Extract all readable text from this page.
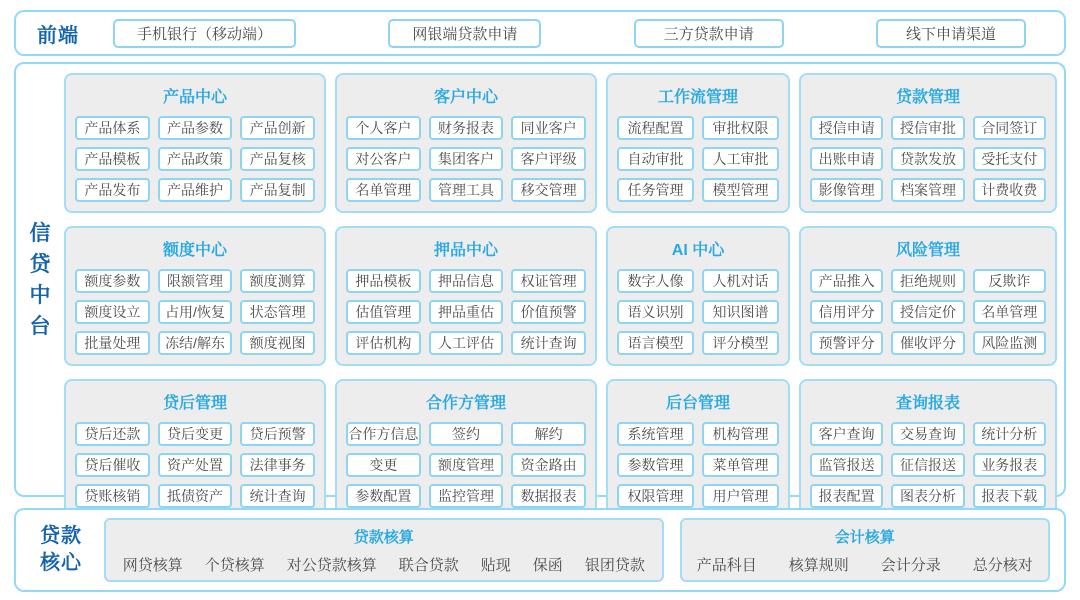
前端	手机银行（移动端）	网银端贷款申请	三方贷款申请	线下申请渠道
信
贷
中
台
产品中心
产品体系	产品参数	产品创新
产品模板	产品政策	产品复核
产品发布	产品维护	产品复制
客户中心
个人客户	财务报表	同业客户
对公客户	集团客户	客户评级
名单管理	管理工具	移交管理
工作流管理
流程配置	审批权限
自动审批	人工审批
任务管理	模型管理
贷款管理
授信申请	授信审批	合同签订
出账申请	贷款发放	受托支付
影像管理	档案管理	计费收费
额度中心
额度参数	限额管理	额度测算
额度设立	占用/恢复	状态管理
批量处理	冻结/解东	额度视图
押品中心
押品模板	押品信息	权证管理
估值管理	押品重估	价值预警
评估机构	人工评估	统计查询
AI 中心
数字人像	人机对话
语义识别	知识图谱
语言模型	评分模型
风险管理
产品推入	拒绝规则	反欺诈
信用评分	授信定价	名单管理
预警评分	催收评分	风险监测
贷后管理
贷后还款	贷后变更	贷后预警
贷后催收	资产处置	法律事务
贷账核销	抵债资产	统计查询
合作方管理
合作方信息	签约	解约
变更	额度管理	资金路由
参数配置	监控管理	数据报表
后台管理
系统管理	机构管理
参数管理	菜单管理
权限管理	用户管理
查询报表
客户查询	交易查询	统计分析
监管报送	征信报送	业务报表
报表配置	图表分析	报表下载
贷款
核心
贷款核算
网贷核算 个贷核算 对公贷款核算 联合贷款 贴现 保函 银团贷款
会计核算
产品科目 核算规则 会计分录 总分核对
